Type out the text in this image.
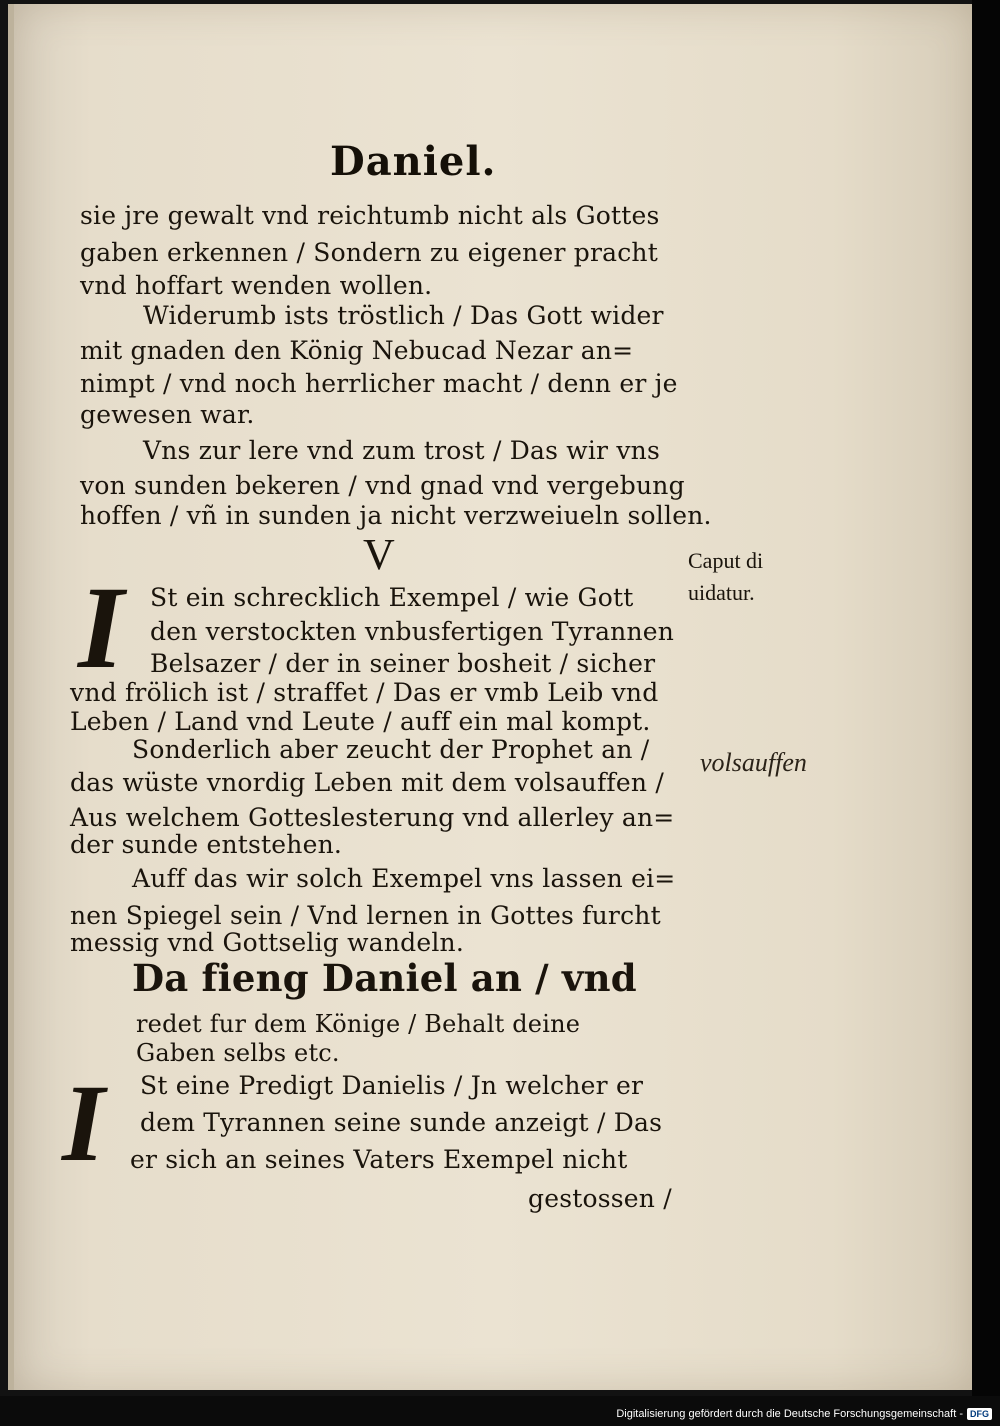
Daniel.
sie jre gewalt vnd reichtumb nicht als Gottes
gaben erkennen / Sondern zu eigener pracht
vnd hoffart wenden wollen.
Widerumb ists tröstlich / Das Gott wider
mit gnaden den König Nebucad Nezar an=
nimpt / vnd noch herrlicher macht / denn er je
gewesen war.
Vns zur lere vnd zum trost / Das wir vns
von sunden bekeren / vnd gnad vnd vergebung
hoffen / vñ in sunden ja nicht verzweiueln sollen.
V
I St ein schrecklich Exempel / wie Gott
den verstockten vnbusfertigen Tyrannen
Belsazer / der in seiner bosheit / sicher
vnd frölich ist / straffet / Das er vmb Leib vnd
Leben / Land vnd Leute / auff ein mal kompt.
Sonderlich aber zeucht der Prophet an /
das wüste vnordig Leben mit dem volsauffen /
Aus welchem Gotteslesterung vnd allerley an=
der sunde entstehen.
Auff das wir solch Exempel vns lassen ei=
nen Spiegel sein / Vnd lernen in Gottes furcht
messig vnd Gottselig wandeln.
Da fieng Daniel an / vnd
redet fur dem Könige / Behalt deine
Gaben selbs etc.
I St eine Predigt Danielis / Jn welcher er
dem Tyrannen seine sunde anzeigt / Das
er sich an seines Vaters Exempel nicht
gestossen /
Caput di
uidatur.
volsauffen
Digitalisierung gefördert durch die Deutsche Forschungsgemeinschaft - DFG
